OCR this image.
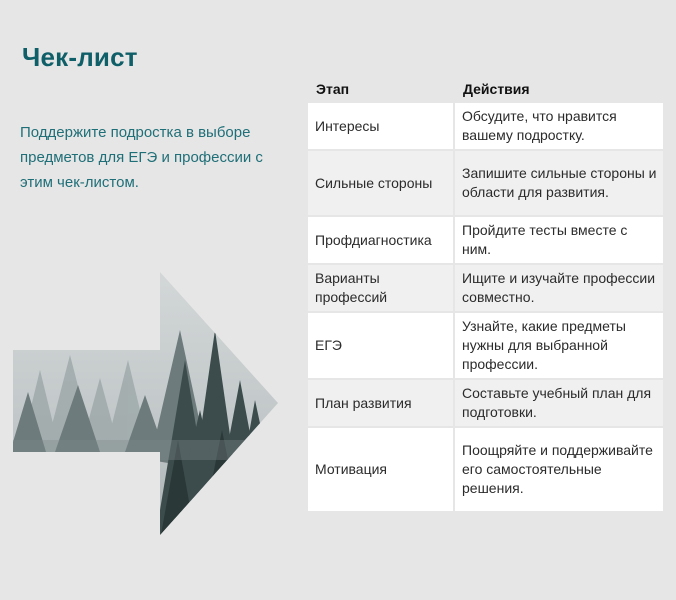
Чек-лист

Поддержите подростка в выборе предметов для ЕГЭ и профессии с этим чек-листом.

Этап	Действия
Интересы	Обсудите, что нравится вашему подростку.
Сильные стороны	Запишите сильные стороны и области для развития.
Профдиагностика	Пройдите тесты вместе с ним.
Варианты профессий	Ищите и изучайте профессии совместно.
ЕГЭ	Узнайте, какие предметы нужны для выбранной профессии.
План развития	Составьте учебный план для подготовки.
Мотивация	Поощряйте и поддерживайте его самостоятельные решения.
